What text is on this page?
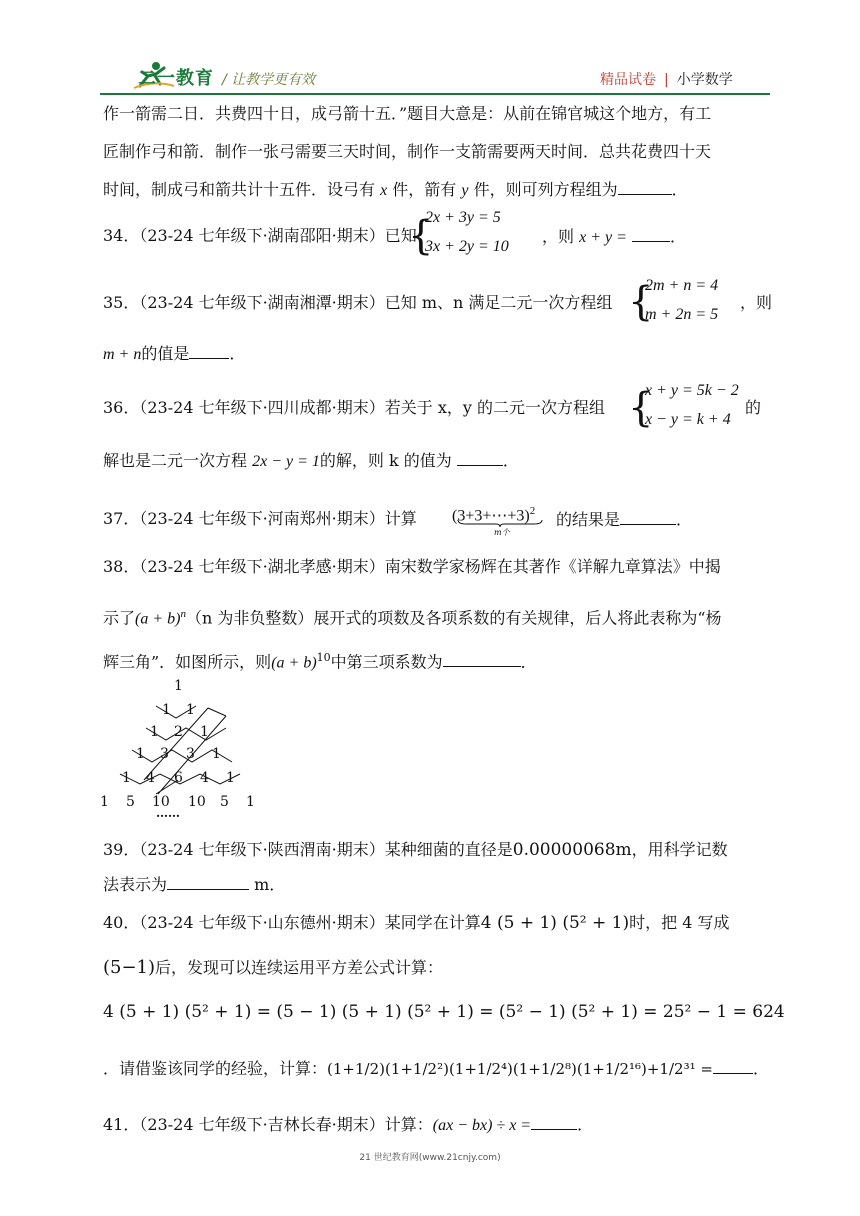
二一教育 / 让教学更有效	精品试卷 | 小学数学
作一箭需二日．共费四十日，成弓箭十五．”题目大意是：从前在锦官城这个地方，有工
匠制作弓和箭．制作一张弓需要三天时间，制作一支箭需要两天时间．总共花费四十天
时间，制成弓和箭共计十五件．设弓有 x 件，箭有 y 件，则可列方程组为	．
34．（23-24 七年级下·湖南邵阳·期末）已知
{
2x + 3y = 5
3x + 2y = 10
，则 x + y =	．
35．（23-24 七年级下·湖南湘潭·期末）已知 m、n 满足二元一次方程组 {
2m + n = 4
m + 2n = 5
，则
m + n的值是	．
36．（23-24 七年级下·四川成都·期末）若关于 x，y 的二元一次方程组 {
x + y = 5k − 2
x − y = k + 4
的
解也是二元一次方程 2x − y = 1的解，则 k 的值为	．
37．（23-24 七年级下·河南郑州·期末）计算 (3+3+⋯+3)$^2$
m个
的结果是	．
38．（23-24 七年级下·湖北孝感·期末）南宋数学家杨辉在其著作《详解九章算法》中揭
示了$(a + b)^n(n$ 为非负整数）展开式的项数及各项系数的有关规律，后人将此表称为“杨
辉三角”．如图所示，则$(a + b)^{10}$中第三项系数为	．
1
1 1
1 2 1
1 3 3 1
1 4 6 4 1
1 5 10 10 5 1
……
39．（23-24 七年级下·陕西渭南·期末）某种细菌的直径是0.00000068m，用科学记数
法表示为	m．
40．（23-24 七年级下·山东德州·期末）某同学在计算4 (5 + 1) (5² + 1)时，把 4 写成
(5−1)后，发现可以连续运用平方差公式计算：
4 (5 + 1) (5² + 1) = (5 − 1) (5 + 1) (5² + 1) = (5² − 1) (5² + 1) = 25² − 1 = 624
．请借鉴该同学的经验，计算：(1+1/2)(1+1/2²)(1+1/2⁴)(1+1/2⁸)(1+1/2¹⁶)+1/2³¹ =	．
41．（23-24 七年级下·吉林长春·期末）计算：(ax − bx) ÷ x =	．
21 世纪教育网(www.21cnjy.com)
